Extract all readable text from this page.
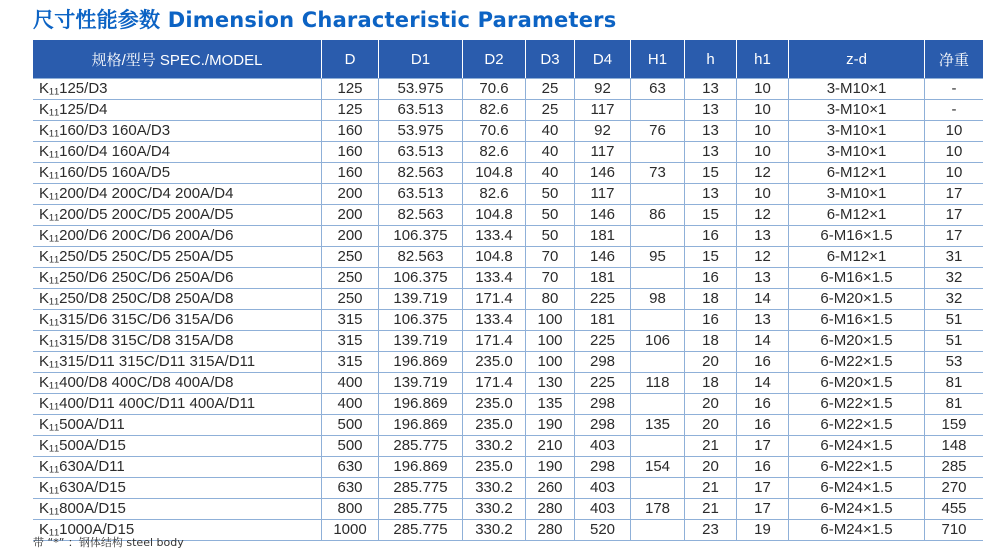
尺寸性能参数 Dimension Characteristic Parameters
规格/型号 SPEC./MODEL	D	D1	D2	D3	D4	H1	h	h1	z-d	净重
K₁₁125/D3	125	53.975	70.6	25	92	63	13	10	3-M10×1	-
K₁₁125/D4	125	63.513	82.6	25	117		13	10	3-M10×1	-
K₁₁160/D3 160A/D3	160	53.975	70.6	40	92	76	13	10	3-M10×1	10
K₁₁160/D4 160A/D4	160	63.513	82.6	40	117		13	10	3-M10×1	10
K₁₁160/D5 160A/D5	160	82.563	104.8	40	146	73	15	12	6-M12×1	10
K₁₁200/D4 200C/D4 200A/D4	200	63.513	82.6	50	117		13	10	3-M10×1	17
K₁₁200/D5 200C/D5 200A/D5	200	82.563	104.8	50	146	86	15	12	6-M12×1	17
K₁₁200/D6 200C/D6 200A/D6	200	106.375	133.4	50	181		16	13	6-M16×1.5	17
K₁₁250/D5 250C/D5 250A/D5	250	82.563	104.8	70	146	95	15	12	6-M12×1	31
K₁₁250/D6 250C/D6 250A/D6	250	106.375	133.4	70	181		16	13	6-M16×1.5	32
K₁₁250/D8 250C/D8 250A/D8	250	139.719	171.4	80	225	98	18	14	6-M20×1.5	32
K₁₁315/D6 315C/D6 315A/D6	315	106.375	133.4	100	181		16	13	6-M16×1.5	51
K₁₁315/D8 315C/D8 315A/D8	315	139.719	171.4	100	225	106	18	14	6-M20×1.5	51
K₁₁315/D11 315C/D11 315A/D11	315	196.869	235.0	100	298		20	16	6-M22×1.5	53
K₁₁400/D8 400C/D8 400A/D8	400	139.719	171.4	130	225	118	18	14	6-M20×1.5	81
K₁₁400/D11 400C/D11 400A/D11	400	196.869	235.0	135	298		20	16	6-M22×1.5	81
K₁₁500A/D11	500	196.869	235.0	190	298	135	20	16	6-M22×1.5	159
K₁₁500A/D15	500	285.775	330.2	210	403		21	17	6-M24×1.5	148
K₁₁630A/D11	630	196.869	235.0	190	298	154	20	16	6-M22×1.5	285
K₁₁630A/D15	630	285.775	330.2	260	403		21	17	6-M24×1.5	270
K₁₁800A/D15	800	285.775	330.2	280	403	178	21	17	6-M24×1.5	455
K₁₁1000A/D15	1000	285.775	330.2	280	520		23	19	6-M24×1.5	710
带 “*” ：钢体结构 steel body
